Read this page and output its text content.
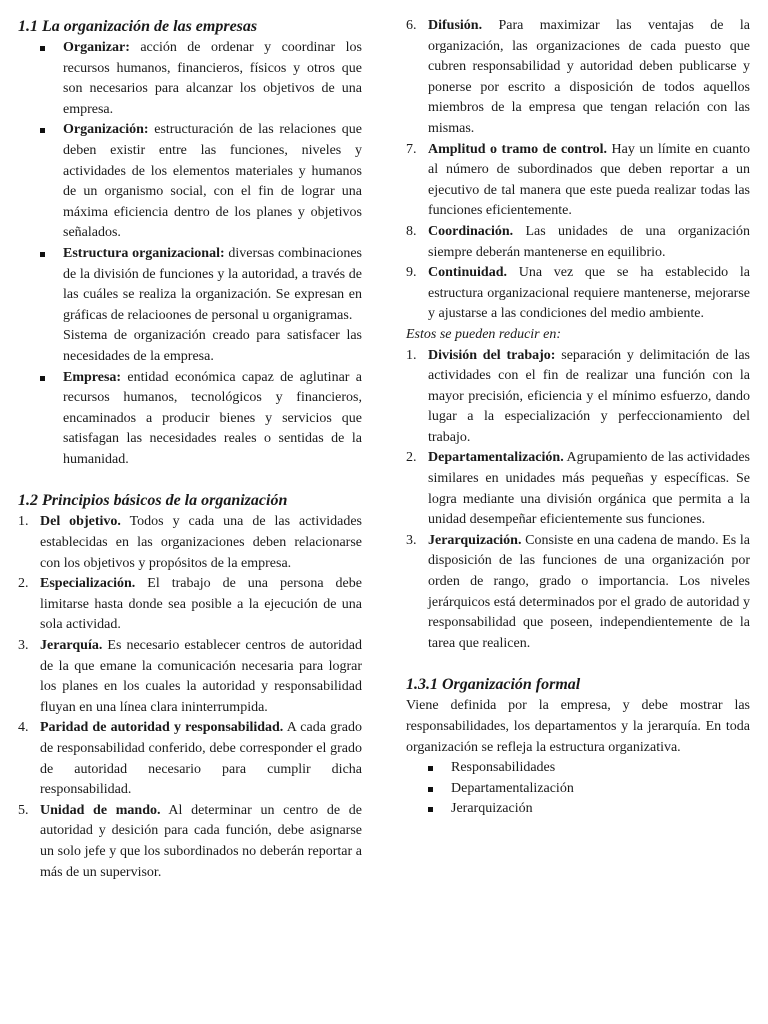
1.1 La organización de las empresas
Organizar: acción de ordenar y coordinar los recursos humanos, financieros, físicos y otros que son necesarios para alcanzar los objetivos de una empresa.
Organización: estructuración de las relaciones que deben existir entre las funciones, niveles y actividades de los elementos materiales y humanos de un organismo social, con el fin de lograr una máxima eficiencia dentro de los planes y objetivos señalados.
Estructura organizacional: diversas combinaciones de la división de funciones y la autoridad, a través de las cuáles se realiza la organización. Se expresan en gráficas de relacioones de personal u organigramas.
Sistema de organización creado para satisfacer las necesidades de la empresa.
Empresa: entidad económica capaz de aglutinar a recursos humanos, tecnológicos y financieros, encaminados a producir bienes y servicios que satisfagan las necesidades reales o sentidas de la humanidad.
1.2 Principios básicos de la organización
1. Del objetivo. Todos y cada una de las actividades establecidas en las organizaciones deben relacionarse con los objetivos y propósitos de la empresa.
2. Especialización. El trabajo de una persona debe limitarse hasta donde sea posible a la ejecución de una sola actividad.
3. Jerarquía. Es necesario establecer centros de autoridad de la que emane la comunicación necesaria para lograr los planes en los cuales la autoridad y responsabilidad fluyan en una línea clara ininterrumpida.
4. Paridad de autoridad y responsabilidad. A cada grado de responsabilidad conferido, debe corresponder el grado de autoridad necesario para cumplir dicha responsabilidad.
5. Unidad de mando. Al determinar un centro de de autoridad y desición para cada función, debe asignarse un solo jefe y que los subordinados no deberán reportar a más de un supervisor.
6. Difusión. Para maximizar las ventajas de la organización, las organizaciones de cada puesto que cubren responsabilidad y autoridad deben publicarse y ponerse por escrito a disposición de todos aquellos miembros de la empresa que tengan relación con las mismas.
7. Amplitud o tramo de control. Hay un límite en cuanto al número de subordinados que deben reportar a un ejecutivo de tal manera que este pueda realizar todas las funciones eficientemente.
8. Coordinación. Las unidades de una organización siempre deberán mantenerse en equilibrio.
9. Continuidad. Una vez que se ha establecido la estructura organizacional requiere mantenerse, mejorarse y ajustarse a las condiciones del medio ambiente.

Estos se pueden reducir en:

1. División del trabajo: separación y delimitación de las actividades con el fin de realizar una función con la mayor precisión, eficiencia y el mínimo esfuerzo, dando lugar a la especialización y perfeccionamiento del trabajo.
2. Departamentalización. Agrupamiento de las actividades similares en unidades más pequeñas y específicas. Se logra mediante una división orgánica que permita a la unidad desempeñar eficientemente sus funciones.
3. Jerarquización. Consiste en una cadena de mando. Es la disposición de las funciones de una organización por orden de rango, grado o importancia. Los niveles jerárquicos está determinados por el grado de autoridad y responsabilidad que poseen, independientemente de la tarea que realicen.
1.3.1 Organización formal

Viene definida por la empresa, y debe mostrar las responsabilidades, los departamentos y la jerarquía. En toda organización se refleja la estructura organizativa.

Responsabilidades
Departamentalización
Jerarquización
